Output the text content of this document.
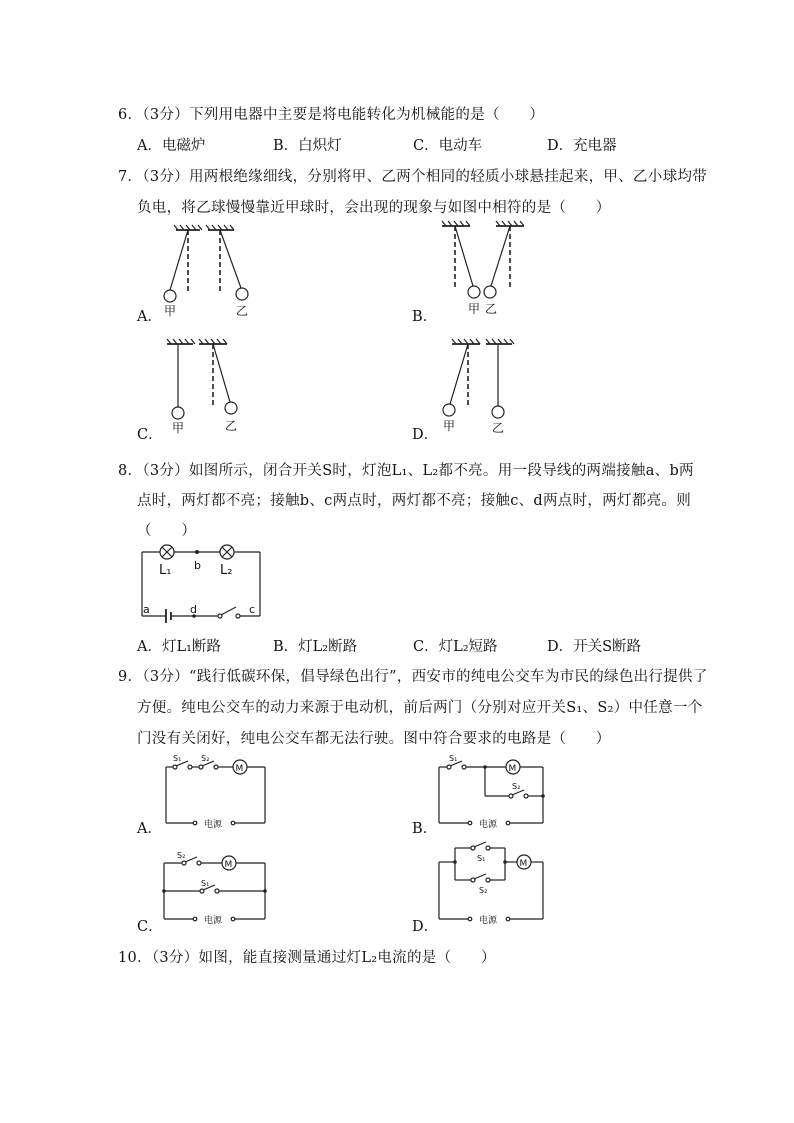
6．（3分）下列用电器中主要是将电能转化为机械能的是（　　）
A．电磁炉	B．白炽灯	C．电动车	D．充电器
7．（3分）用两根绝缘细线，分别将甲、乙两个相同的轻质小球悬挂起来，甲、乙小球均带
负电，将乙球慢慢靠近甲球时，会出现的现象与如图中相符的是（　　）
A． 甲	乙	B．	甲 乙
C． 甲	乙
D．
甲	乙
8．（3分）如图所示，闭合开关S时，灯泡L₁、L₂都不亮。用一段导线的两端接触a、b两
点时，两灯都不亮；接触b、c两点时，两灯都不亮；接触c、d两点时，两灯都亮。则
（　　）
L₁ b L₂
a	d	c
A．灯L₁断路	B．灯L₂断路	C．灯L₂短路	D．开关S断路
9．（3分）“践行低碳环保，倡导绿色出行”，西安市的纯电公交车为市民的绿色出行提供了
方便。纯电公交车的动力来源于电动机，前后两门（分别对应开关S₁、S₂）中任意一个
门没有关闭好，纯电公交车都无法行驶。图中符合要求的电路是（　　）
A．
M
电源
S₁ S₂
B．
M
电源
S₁
S₂
C．
M
电源
S₂
S₁
D．
M
电源
S₁
S₂
10．（3分）如图，能直接测量通过灯L₂电流的是（　　）
